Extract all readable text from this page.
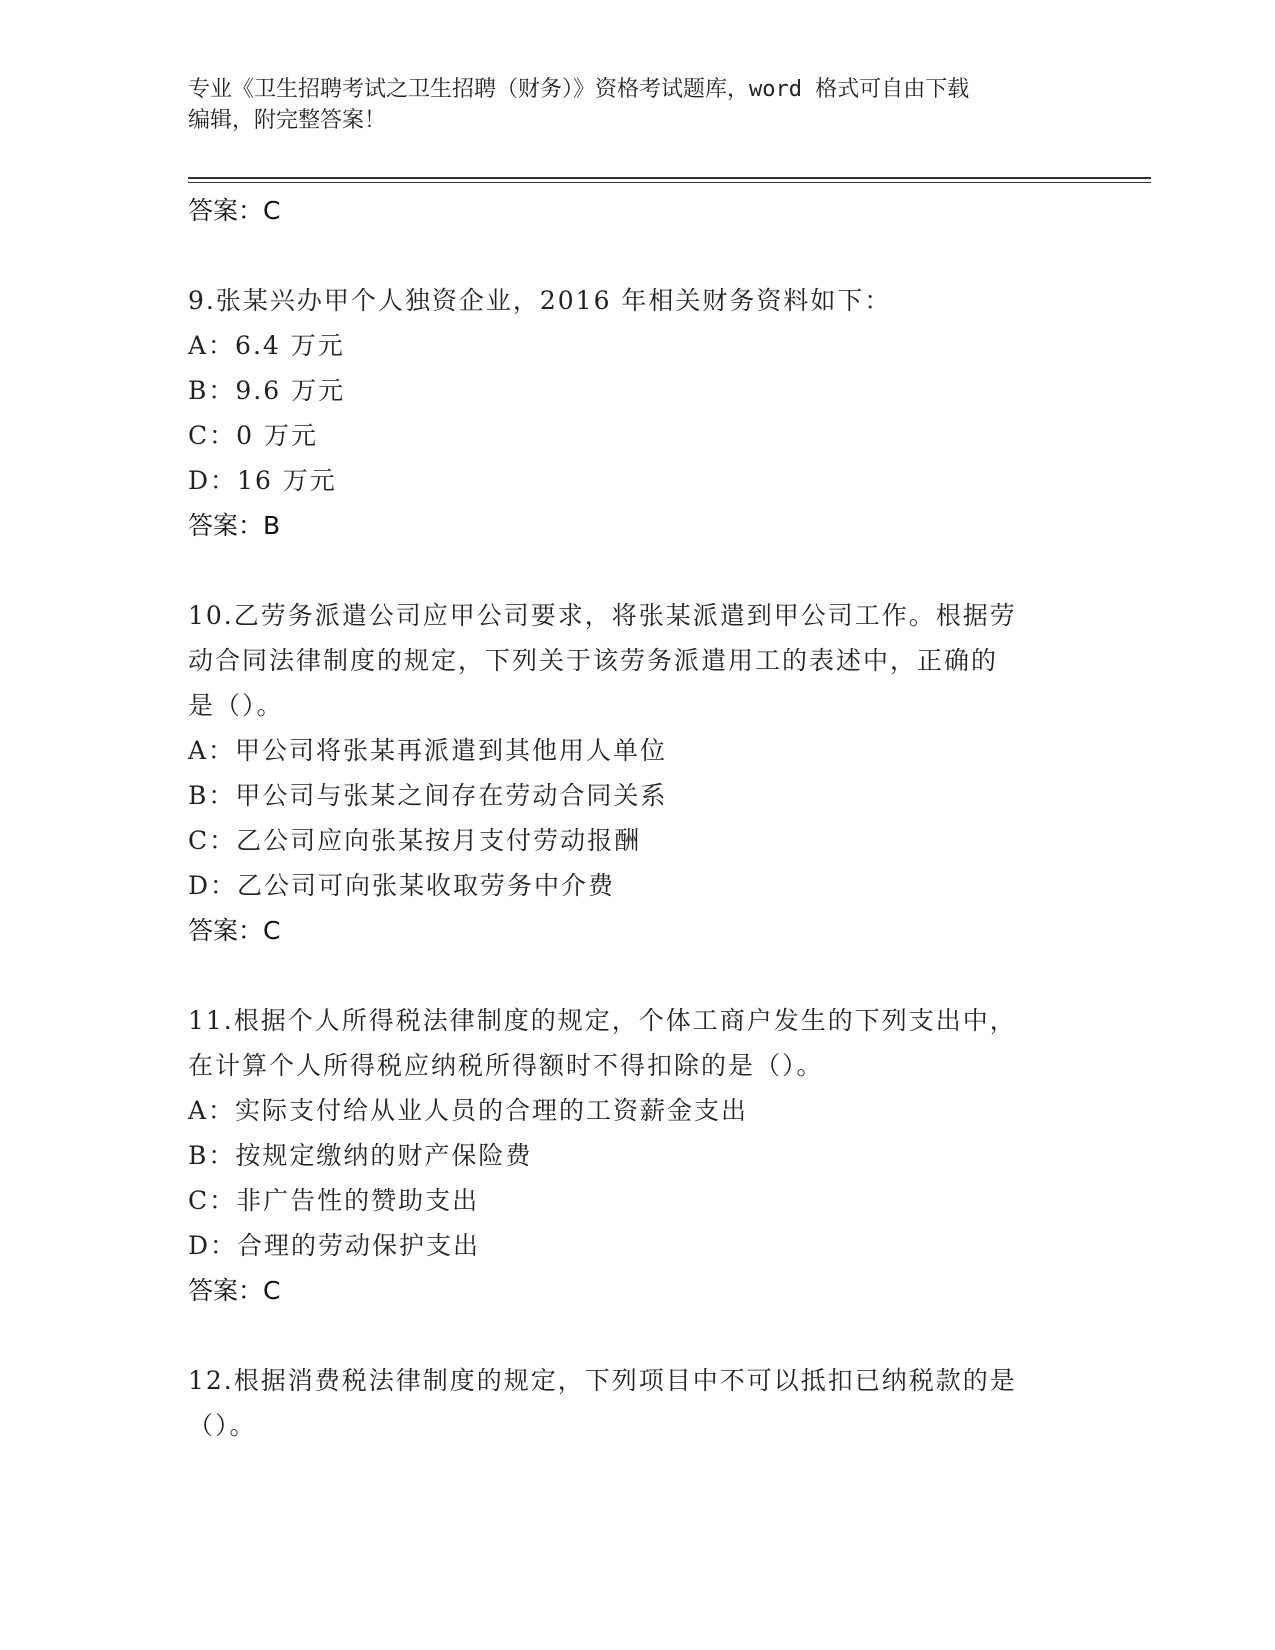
专业《卫生招聘考试之卫生招聘（财务）》资格考试题库，word 格式可自由下载
编辑，附完整答案！
答案：C
9.张某兴办甲个人独资企业，2016 年相关财务资料如下：
A：6.4 万元
B：9.6 万元
C：0 万元
D：16 万元
答案：B
10.乙劳务派遣公司应甲公司要求，将张某派遣到甲公司工作。根据劳
动合同法律制度的规定，下列关于该劳务派遣用工的表述中，正确的
是（）。
A：甲公司将张某再派遣到其他用人单位
B：甲公司与张某之间存在劳动合同关系
C：乙公司应向张某按月支付劳动报酬
D：乙公司可向张某收取劳务中介费
答案：C
11.根据个人所得税法律制度的规定，个体工商户发生的下列支出中，
在计算个人所得税应纳税所得额时不得扣除的是（）。
A：实际支付给从业人员的合理的工资薪金支出
B：按规定缴纳的财产保险费
C：非广告性的赞助支出
D：合理的劳动保护支出
答案：C
12.根据消费税法律制度的规定，下列项目中不可以抵扣已纳税款的是
（）。
